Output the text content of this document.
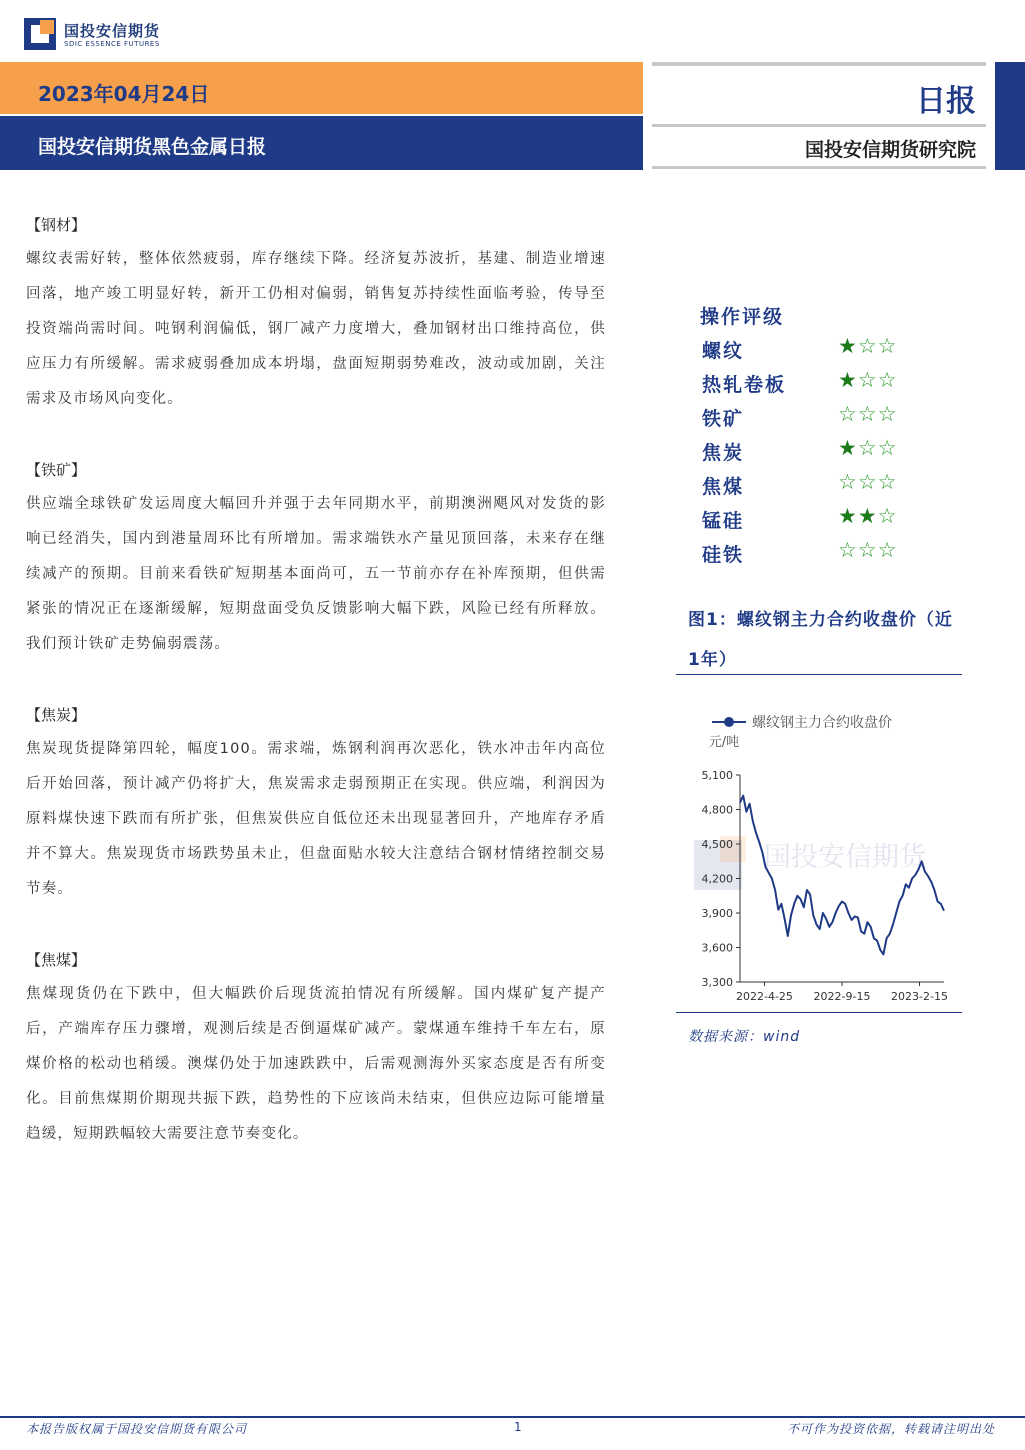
国投安信期货
SDIC ESSENCE FUTURES
2023年04月24日
国投安信期货黑色金属日报
日报
国投安信期货研究院
【钢材】
螺纹表需好转，整体依然疲弱，库存继续下降。经济复苏波折，基建、制造业增速回落，地产竣工明显好转，新开工仍相对偏弱，销售复苏持续性面临考验，传导至投资端尚需时间。吨钢利润偏低，钢厂减产力度增大，叠加钢材出口维持高位，供应压力有所缓解。需求疲弱叠加成本坍塌，盘面短期弱势难改，波动或加剧，关注需求及市场风向变化。
【铁矿】
供应端全球铁矿发运周度大幅回升并强于去年同期水平，前期澳洲飓风对发货的影响已经消失，国内到港量周环比有所增加。需求端铁水产量见顶回落，未来存在继续减产的预期。目前来看铁矿短期基本面尚可，五一节前亦存在补库预期，但供需紧张的情况正在逐渐缓解，短期盘面受负反馈影响大幅下跌，风险已经有所释放。我们预计铁矿走势偏弱震荡。
【焦炭】
焦炭现货提降第四轮，幅度100。需求端，炼钢利润再次恶化，铁水冲击年内高位后开始回落，预计减产仍将扩大，焦炭需求走弱预期正在实现。供应端，利润因为原料煤快速下跌而有所扩张，但焦炭供应自低位还未出现显著回升，产地库存矛盾并不算大。焦炭现货市场跌势虽未止，但盘面贴水较大注意结合钢材情绪控制交易节奏。
【焦煤】
焦煤现货仍在下跌中，但大幅跌价后现货流拍情况有所缓解。国内煤矿复产提产后，产端库存压力骤增，观测后续是否倒逼煤矿减产。蒙煤通车维持千车左右，原煤价格的松动也稍缓。澳煤仍处于加速跌跌中，后需观测海外买家态度是否有所变化。目前焦煤期价期现共振下跌，趋势性的下应该尚未结束，但供应边际可能增量趋缓，短期跌幅较大需要注意节奏变化。
操作评级
螺纹	★☆☆
热轧卷板 ★☆☆
铁矿	☆☆☆
焦炭	★☆☆
焦煤	☆☆☆
锰硅	★★☆
硅铁	☆☆☆
图1：螺纹钢主力合约收盘价（近1年）
国投安信期货
螺纹钢主力合约收盘价
元/吨
5,100
4,800
4,500
4,200
3,900
3,600
3,300
2022-4-25 2022-9-15 2023-2-15
数据来源：wind
本报告版权属于国投安信期货有限公司	1	不可作为投资依据，转载请注明出处
